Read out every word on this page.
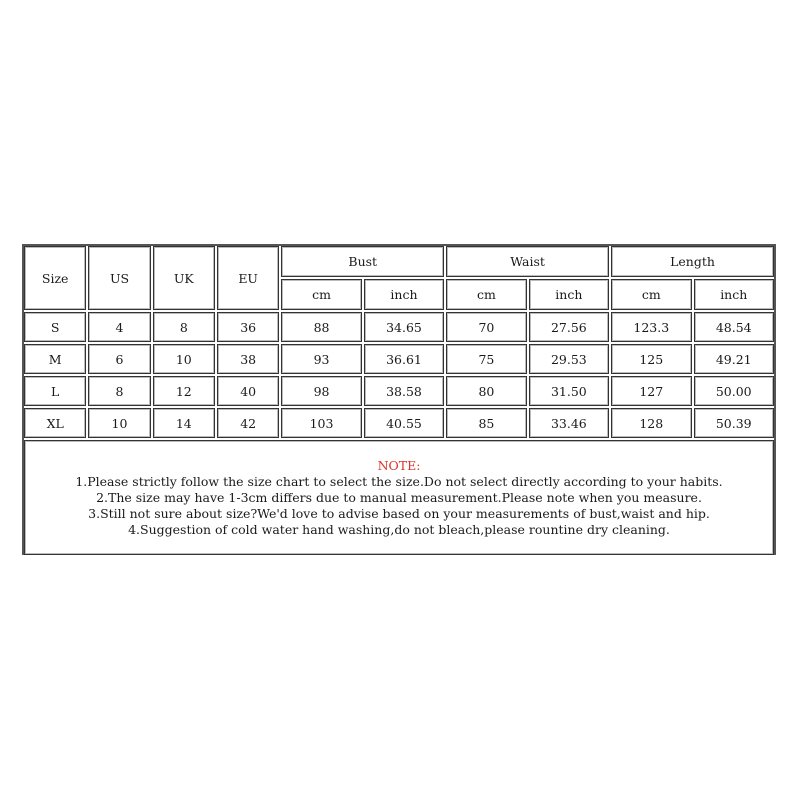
Size	US	UK	EU	Bust		Waist		Length	
				cm	inch	cm	inch	cm	inch
S	4	8	36	88	34.65	70	27.56	123.3	48.54
M	6	10	38	93	36.61	75	29.53	125	49.21
L	8	12	40	98	38.58	80	31.50	127	50.00
XL	10	14	42	103	40.55	85	33.46	128	50.39

NOTE:
1.Please strictly follow the size chart to select the size.Do not select directly according to your habits.
2.The size may have 1-3cm differs due to manual measurement.Please note when you measure.
3.Still not sure about size?We'd love to advise based on your measurements of bust,waist and hip.
4.Suggestion of cold water hand washing,do not bleach,please rountine dry cleaning.									
